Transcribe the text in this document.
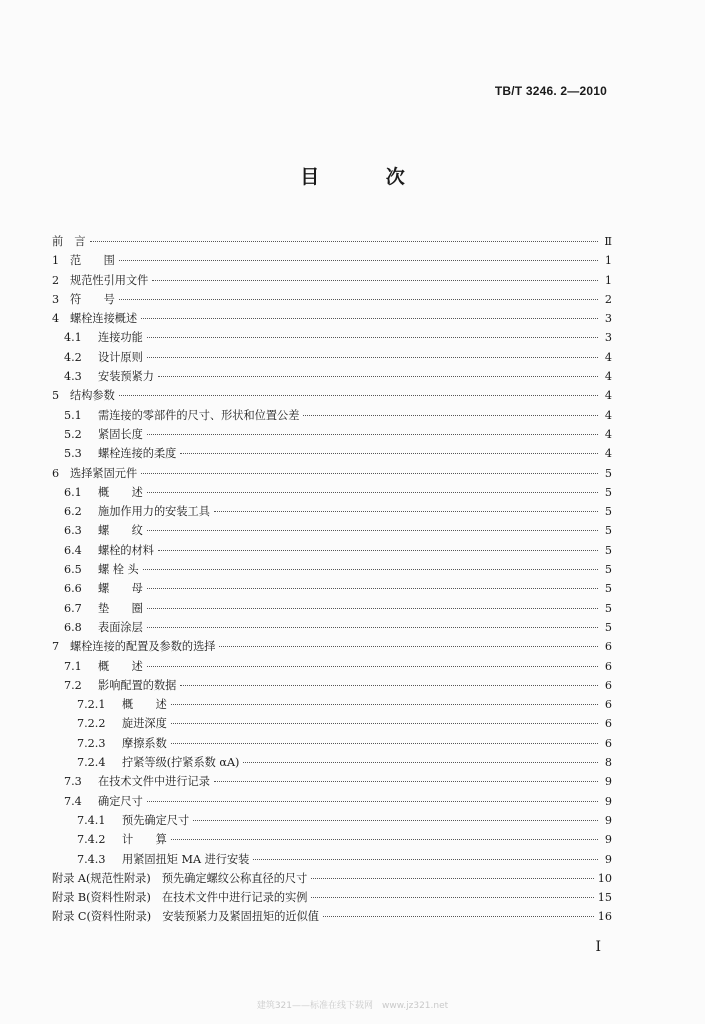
TB/T 3246. 2—2010
目 次
前　言	Ⅱ
1 范　　围	1
2 规范性引用文件	1
3 符　　号	2
4 螺栓连接概述	3
4.1	连接功能	3
4.2	设计原则	4
4.3	安装预紧力	4
5 结构参数	4
5.1	需连接的零部件的尺寸、形状和位置公差	4
5.2	紧固长度	4
5.3	螺栓连接的柔度	4
6 选择紧固元件	5
6.1	概　　述	5
6.2	施加作用力的安装工具	5
6.3	螺　　纹	5
6.4	螺栓的材料	5
6.5	螺 栓 头	5
6.6	螺　　母	5
6.7	垫　　圈	5
6.8	表面涂层	5
7 螺栓连接的配置及参数的选择	6
7.1	概　　述	6
7.2	影响配置的数据	6
7.2.1	概　　述	6
7.2.2	旋进深度	6
7.2.3	摩擦系数	6
7.2.4	拧紧等级(拧紧系数 αA)	8
7.3	在技术文件中进行记录	9
7.4	确定尺寸	9
7.4.1	预先确定尺寸	9
7.4.2	计　　算	9
7.4.3	用紧固扭矩 MA 进行安装	9
附录 A(规范性附录)　预先确定螺纹公称直径的尺寸	10
附录 B(资料性附录)　在技术文件中进行记录的实例	15
附录 C(资料性附录)　安装预紧力及紧固扭矩的近似值	16
I
建筑321——标准在线下载网　www.jz321.net
